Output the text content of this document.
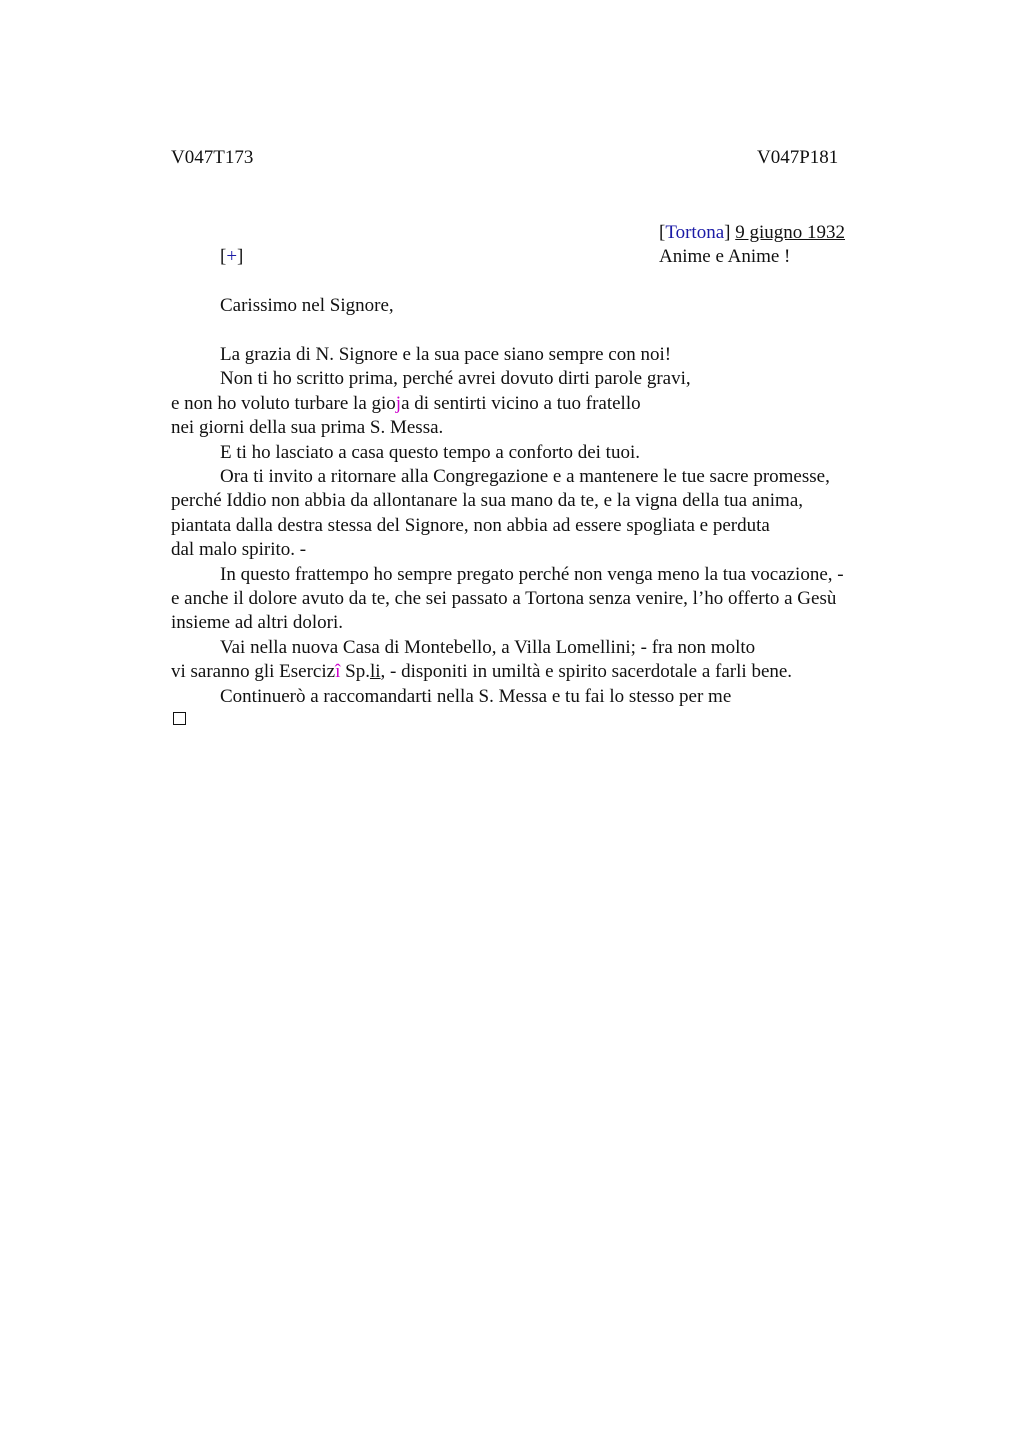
V047T173	V047P181
[Tortona] 9 giugno 1932
Anime e Anime !
[+]
Carissimo nel Signore,
La grazia di N. Signore e la sua pace siano sempre con noi!
Non ti ho scritto prima, perché avrei dovuto dirti parole gravi,
e non ho voluto turbare la gioja di sentirti vicino a tuo fratello
nei giorni della sua prima S. Messa.
E ti ho lasciato a casa questo tempo a conforto dei tuoi.
Ora ti invito a ritornare alla Congregazione e a mantenere le tue sacre promesse,
perché Iddio non abbia da allontanare la sua mano da te, e la vigna della tua anima,
piantata dalla destra stessa del Signore, non abbia ad essere spogliata e perduta
dal malo spirito. -
In questo frattempo ho sempre pregato perché non venga meno la tua vocazione, -
e anche il dolore avuto da te, che sei passato a Tortona senza venire, l’ho offerto a Gesù
insieme ad altri dolori.
Vai nella nuova Casa di Montebello, a Villa Lomellini; - fra non molto
vi saranno gli Esercizî Sp.li, - disponiti in umiltà e spirito sacerdotale a farli bene.
Continuerò a raccomandarti nella S. Messa e tu fai lo stesso per me
